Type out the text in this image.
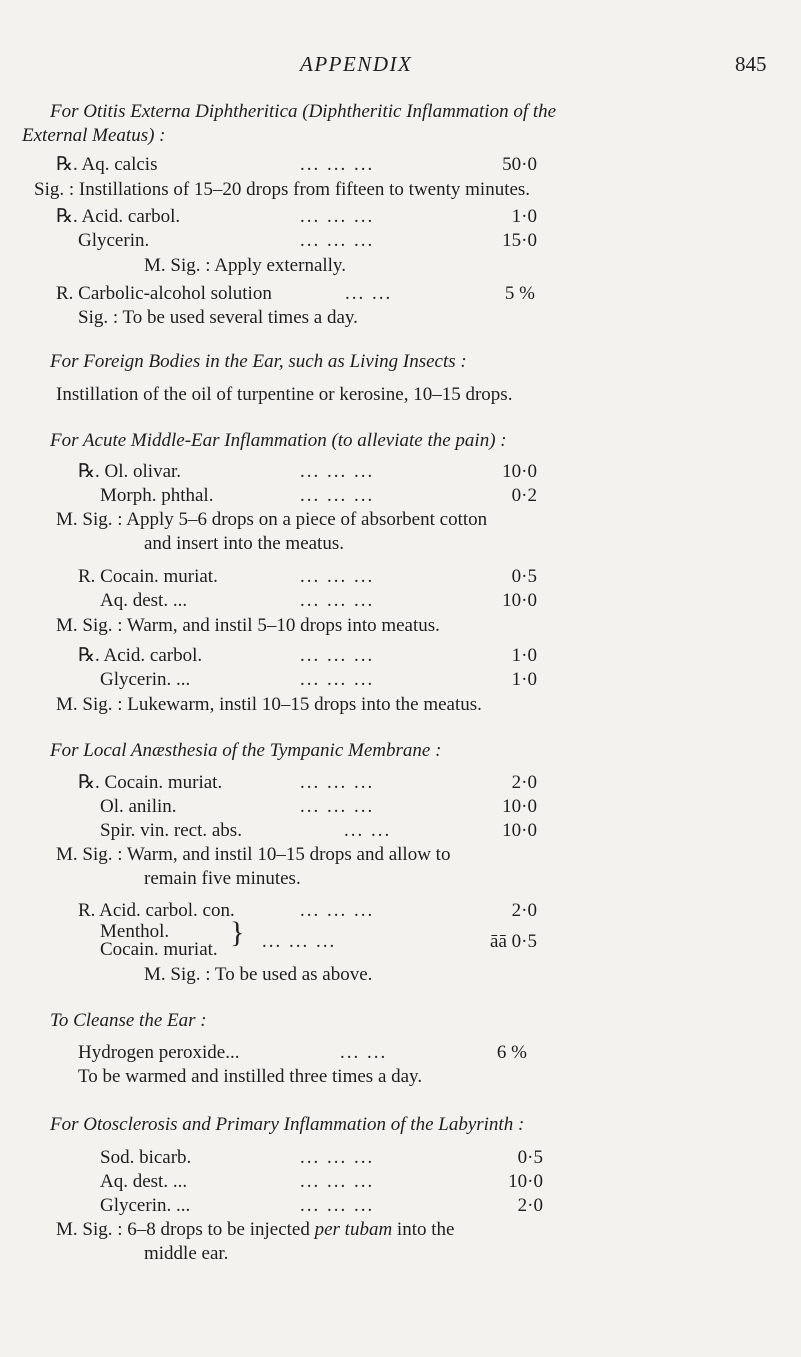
APPENDIX	845
For Otitis Externa Diphtheritica (Diphtheritic Inflammation of the
External Meatus) :
℞. Aq. calcis	... ... ...	50·0
Sig. : Instillations of 15–20 drops from fifteen to twenty minutes.
℞. Acid. carbol.	... ... ...	1·0
Glycerin.	... ... ...	15·0
M. Sig. : Apply externally.
R. Carbolic-alcohol solution	... ...	5 %
Sig. : To be used several times a day.
For Foreign Bodies in the Ear, such as Living Insects :
Instillation of the oil of turpentine or kerosine, 10–15 drops.
For Acute Middle-Ear Inflammation (to alleviate the pain) :
℞. Ol. olivar.	... ... ...	10·0
Morph. phthal.	... ... ...	0·2
M. Sig. : Apply 5–6 drops on a piece of absorbent cotton
and insert into the meatus.
R. Cocain. muriat.	... ... ...	0·5
Aq. dest. ...	... ... ...	10·0
M. Sig. : Warm, and instil 5–10 drops into meatus.
℞. Acid. carbol.	... ... ...	1·0
Glycerin. ...	... ... ...	1·0
M. Sig. : Lukewarm, instil 10–15 drops into the meatus.
For Local Anæsthesia of the Tympanic Membrane :
℞. Cocain. muriat.	... ... ...	2·0
Ol. anilin.	... ... ...	10·0
Spir. vin. rect. abs.	... ...	10·0
M. Sig. : Warm, and instil 10–15 drops and allow to
remain five minutes.
R. Acid. carbol. con.	... ... ...	2·0
Menthol.
Cocain. muriat.
} ... ... ...	āā 0·5
M. Sig. : To be used as above.
To Cleanse the Ear :
Hydrogen peroxide...	... ...	6 %
To be warmed and instilled three times a day.
For Otosclerosis and Primary Inflammation of the Labyrinth :
Sod. bicarb.	... ... ...	0·5
Aq. dest. ...	... ... ...	10·0
Glycerin. ...	... ... ...	2·0
M. Sig. : 6–8 drops to be injected per tubam into the
middle ear.
